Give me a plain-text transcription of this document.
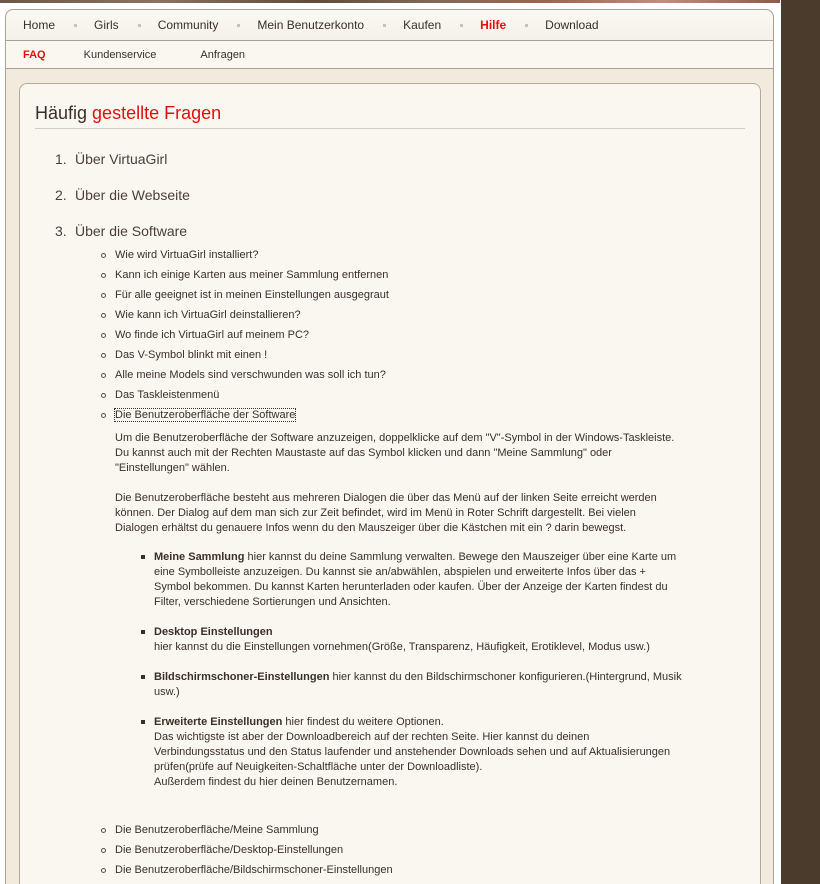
Home	Girls	Community	Mein Benutzerkonto	Kaufen	Hilfe	Download
FAQ	Kundenservice	Anfragen
Häufig gestellte Fragen
1. Über VirtuaGirl
2. Über die Webseite
3. Über die Software
Wie wird VirtuaGirl installiert?
Kann ich einige Karten aus meiner Sammlung entfernen
Für alle geeignet ist in meinen Einstellungen ausgegraut
Wie kann ich VirtuaGirl deinstallieren?
Wo finde ich VirtuaGirl auf meinem PC?
Das V-Symbol blinkt mit einen !
Alle meine Models sind verschwunden was soll ich tun?
Das Taskleistenmenü
Die Benutzeroberfläche der Software
Um die Benutzeroberfläche der Software anzuzeigen, doppelklicke auf dem "V"-Symbol in der Windows-Taskleiste.
Du kannst auch mit der Rechten Maustaste auf das Symbol klicken und dann "Meine Sammlung" oder
"Einstellungen" wählen.
Die Benutzeroberfläche besteht aus mehreren Dialogen die über das Menü auf der linken Seite erreicht werden
können. Der Dialog auf dem man sich zur Zeit befindet, wird im Menü in Roter Schrift dargestellt. Bei vielen
Dialogen erhältst du genauere Infos wenn du den Mauszeiger über die Kästchen mit ein ? darin bewegst.
Meine Sammlung hier kannst du deine Sammlung verwalten. Bewege den Mauszeiger über eine Karte um
eine Symbolleiste anzuzeigen. Du kannst sie an/abwählen, abspielen und erweiterte Infos über das +
Symbol bekommen. Du kannst Karten herunterladen oder kaufen. Über der Anzeige der Karten findest du
Filter, verschiedene Sortierungen und Ansichten.
Desktop Einstellungen
hier kannst du die Einstellungen vornehmen(Größe, Transparenz, Häufigkeit, Erotiklevel, Modus usw.)
Bildschirmschoner-Einstellungen hier kannst du den Bildschirmschoner konfigurieren.(Hintergrund, Musik
usw.)
Erweiterte Einstellungen hier findest du weitere Optionen.
Das wichtigste ist aber der Downloadbereich auf der rechten Seite. Hier kannst du deinen
Verbindungsstatus und den Status laufender und anstehender Downloads sehen und auf Aktualisierungen
prüfen(prüfe auf Neuigkeiten-Schaltfläche unter der Downloadliste).
Außerdem findest du hier deinen Benutzernamen.
Die Benutzeroberfläche/Meine Sammlung
Die Benutzeroberfläche/Desktop-Einstellungen
Die Benutzeroberfläche/Bildschirmschoner-Einstellungen
